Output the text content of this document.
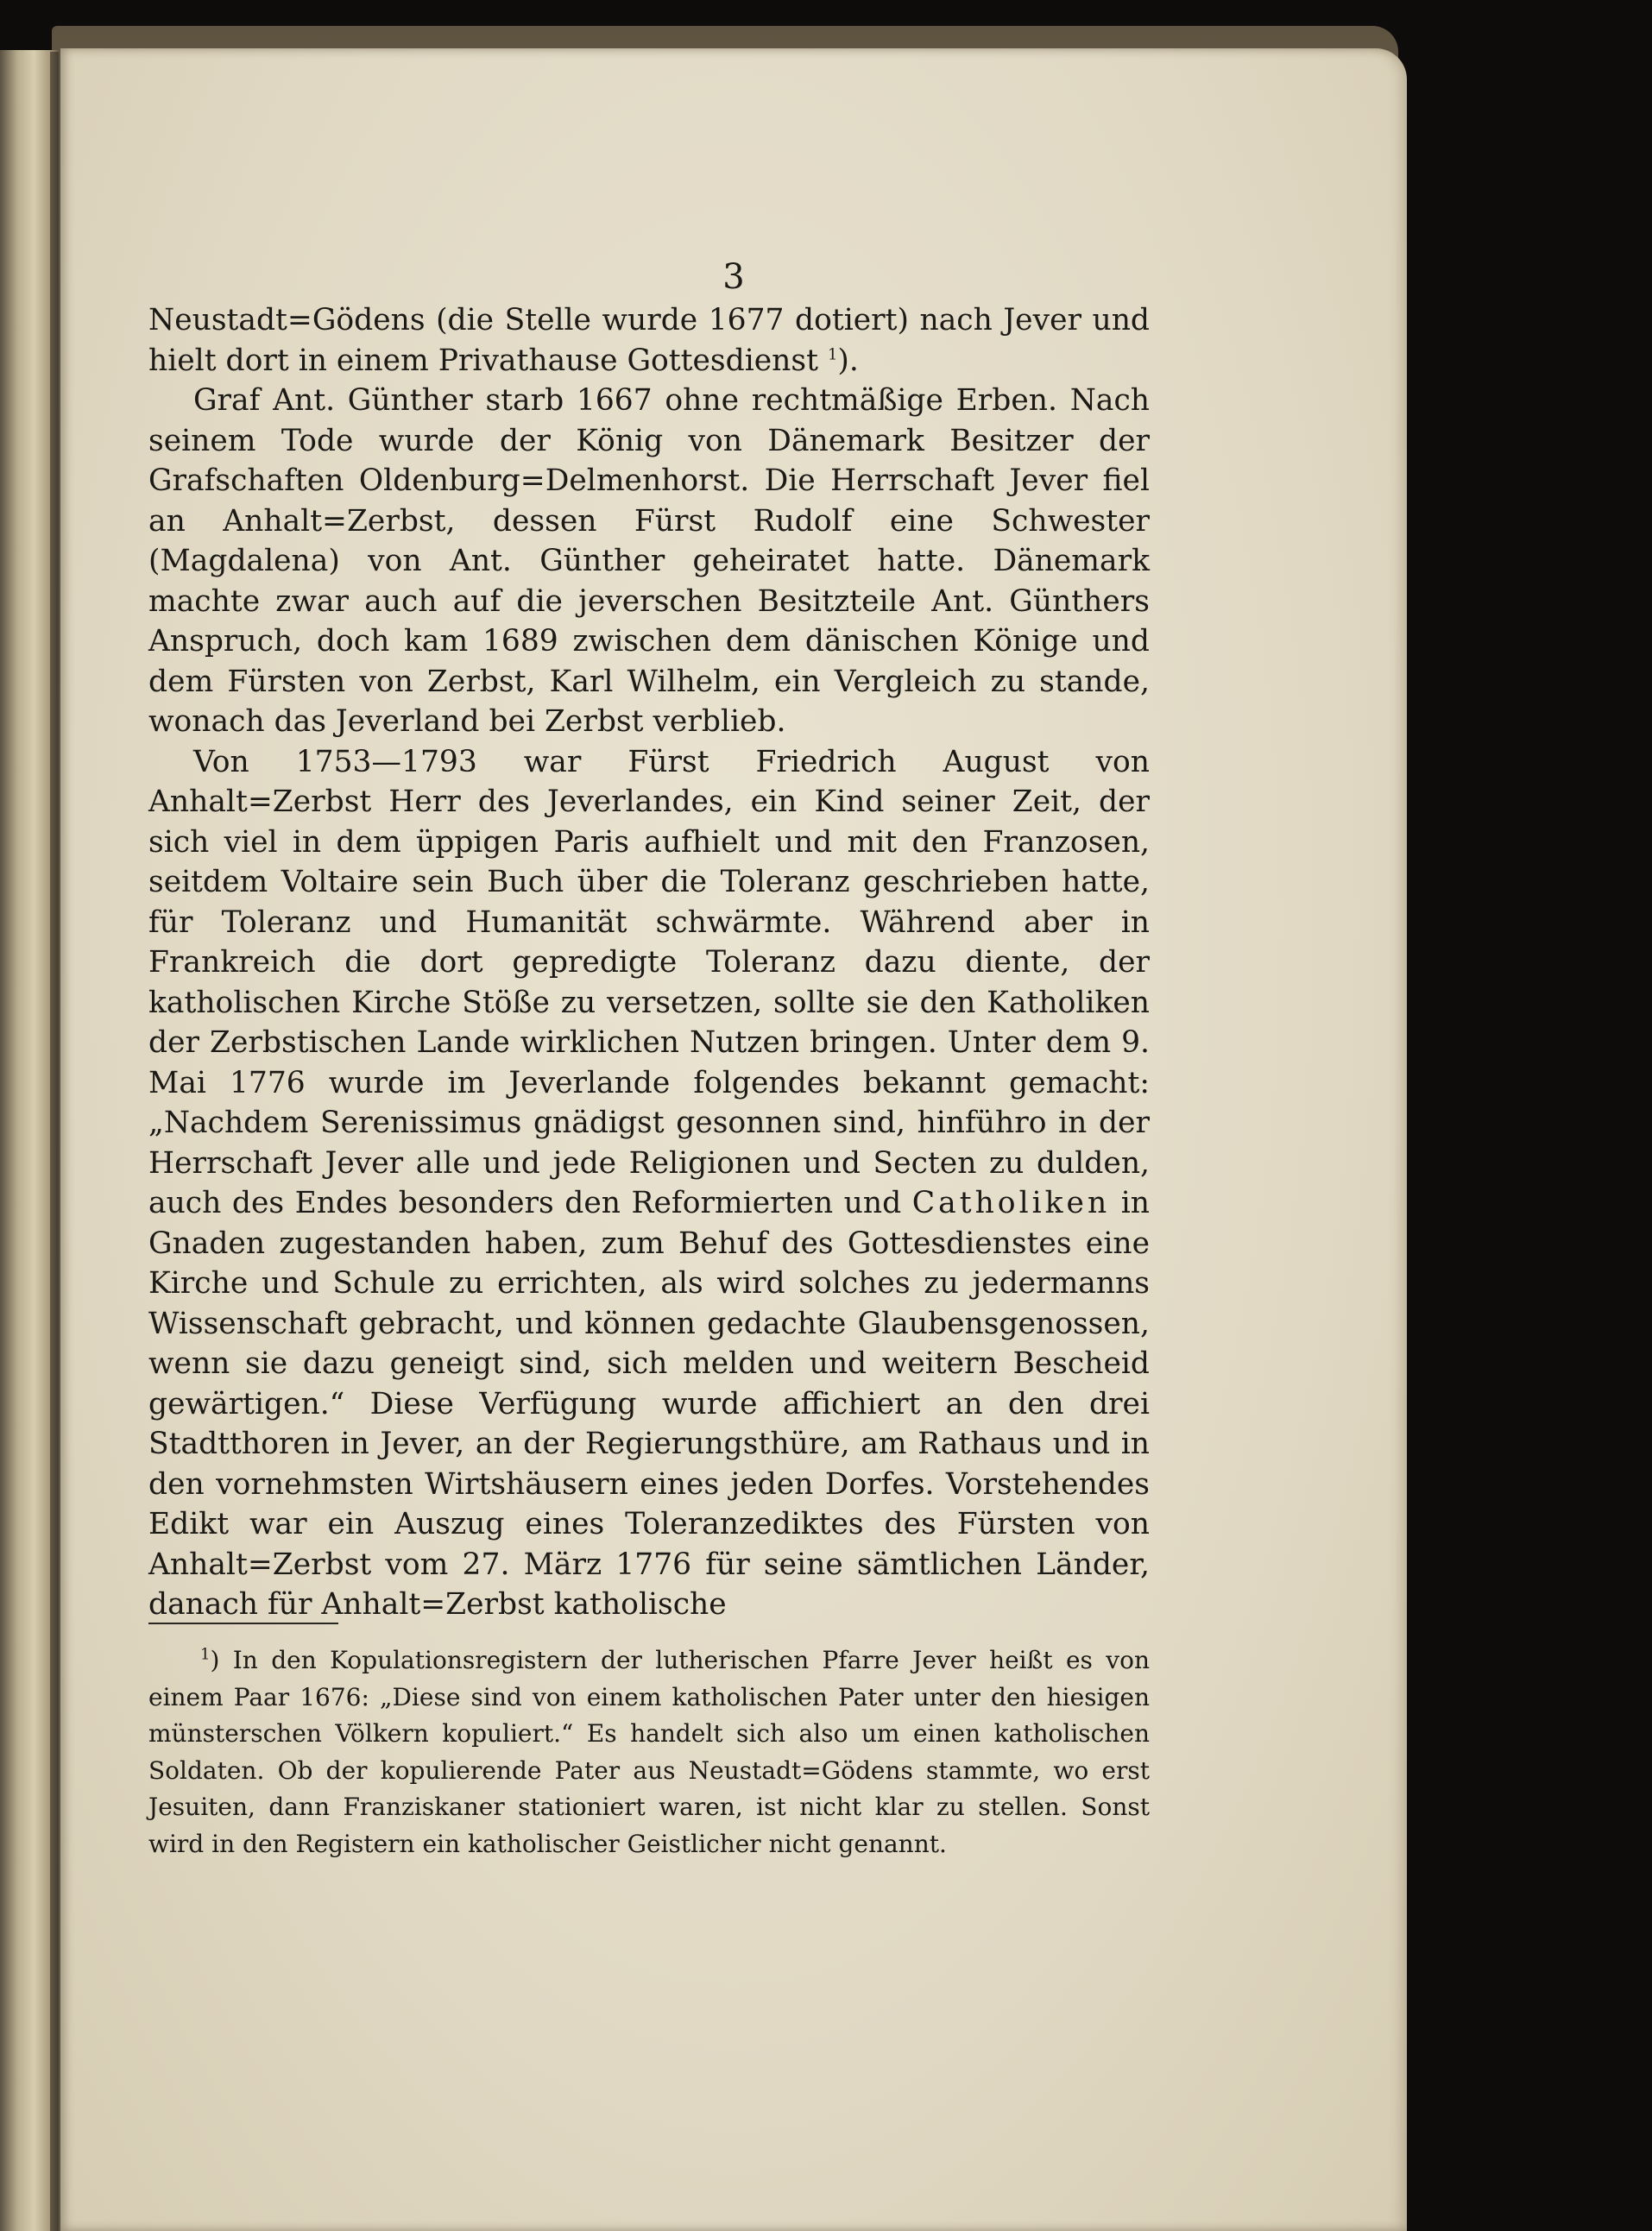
3

Neustadt=Gödens (die Stelle wurde 1677 dotiert) nach Jever und hielt dort in einem Privathause Gottesdienst $^1$).

Graf Ant. Günther starb 1667 ohne rechtmäßige Erben. Nach seinem Tode wurde der König von Dänemark Besitzer der Grafschaften Oldenburg=Delmenhorst. Die Herrschaft Jever fiel an Anhalt=Zerbst, dessen Fürst Rudolf eine Schwester (Magdalena) von Ant. Günther geheiratet hatte. Dänemark machte zwar auch auf die jeverschen Besitzteile Ant. Günthers Anspruch, doch kam 1689 zwischen dem dänischen Könige und dem Fürsten von Zerbst, Karl Wilhelm, ein Vergleich zu stande, wonach das Jeverland bei Zerbst verblieb.

Von 1753—1793 war Fürst Friedrich August von Anhalt=Zerbst Herr des Jeverlandes, ein Kind seiner Zeit, der sich viel in dem üppigen Paris aufhielt und mit den Franzosen, seitdem Voltaire sein Buch über die Toleranz geschrieben hatte, für Toleranz und Humanität schwärmte. Während aber in Frankreich die dort gepredigte Toleranz dazu diente, der katholischen Kirche Stöße zu versetzen, sollte sie den Katholiken der Zerbstischen Lande wirklichen Nutzen bringen. Unter dem 9. Mai 1776 wurde im Jeverlande folgendes bekannt gemacht: „Nachdem Serenissimus gnädigst gesonnen sind, hinführo in der Herrschaft Jever alle und jede Religionen und Secten zu dulden, auch des Endes besonders den Reformierten und Catholiken in Gnaden zugestanden haben, zum Behuf des Gottesdienstes eine Kirche und Schule zu errichten, als wird solches zu jedermanns Wissenschaft gebracht, und können gedachte Glaubensgenossen, wenn sie dazu geneigt sind, sich melden und weitern Bescheid gewärtigen.“ Diese Verfügung wurde affichiert an den drei Stadtthoren in Jever, an der Regierungsthüre, am Rathaus und in den vornehmsten Wirtshäusern eines jeden Dorfes. Vorstehendes Edikt war ein Auszug eines Toleranzediktes des Fürsten von Anhalt=Zerbst vom 27. März 1776 für seine sämtlichen Länder, danach für Anhalt=Zerbst katholische

$^1$) In den Kopulationsregistern der lutherischen Pfarre Jever heißt es von einem Paar 1676: „Diese sind von einem katholischen Pater unter den hiesigen münsterschen Völkern kopuliert.“ Es handelt sich also um einen katholischen Soldaten. Ob der kopulierende Pater aus Neustadt=Gödens stammte, wo erst Jesuiten, dann Franziskaner stationiert waren, ist nicht klar zu stellen. Sonst wird in den Registern ein katholischer Geistlicher nicht genannt.
